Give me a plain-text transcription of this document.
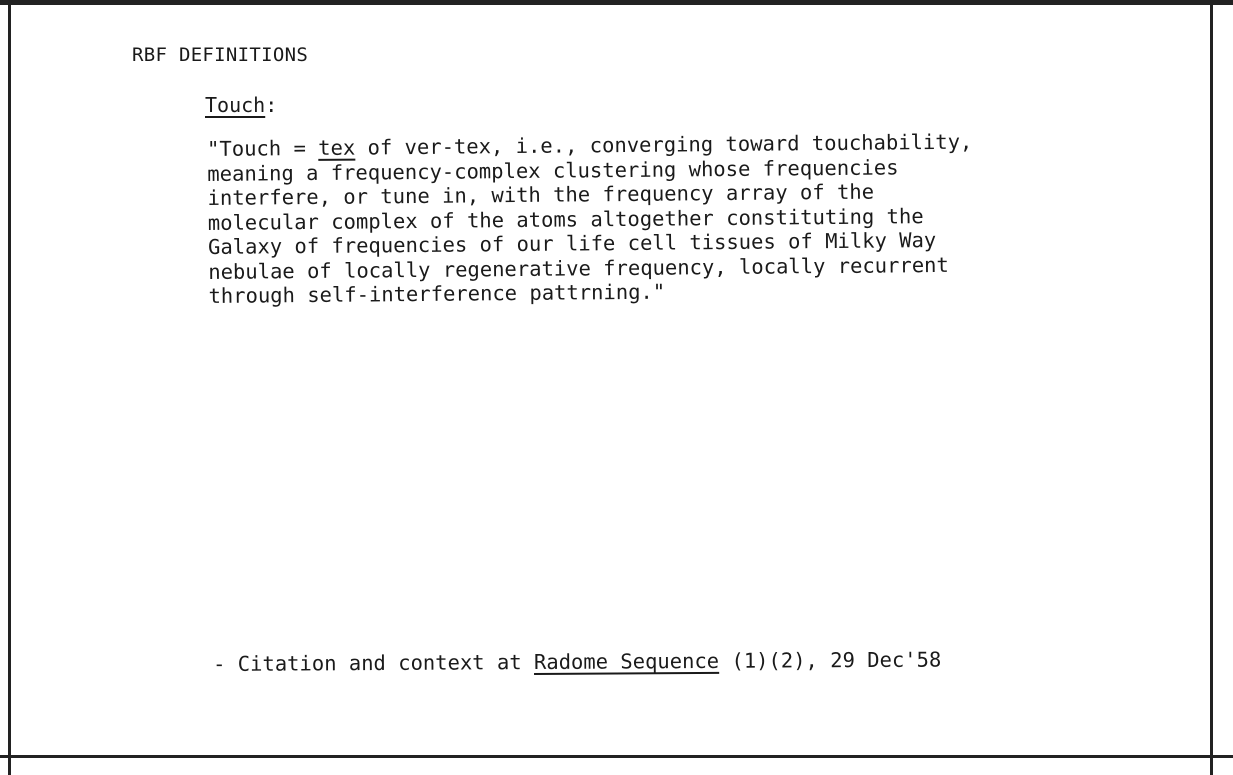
RBF DEFINITIONS
Touch:
"Touch = tex of ver-tex, i.e., converging toward touchability,
meaning a frequency-complex clustering whose frequencies
interfere, or tune in, with the frequency array of the
molecular complex of the atoms altogether constituting the
Galaxy of frequencies of our life cell tissues of Milky Way
nebulae of locally regenerative frequency, locally recurrent
through self-interference pattrning."
- Citation and context at Radome Sequence (1)(2), 29 Dec'58
